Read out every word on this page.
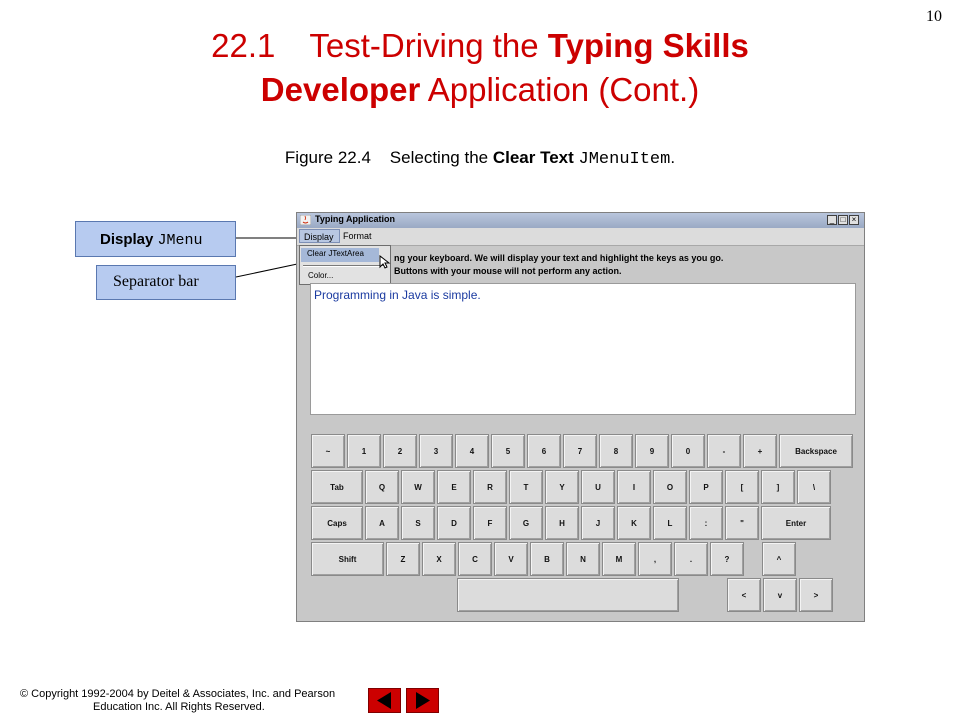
10
22.1 Test-Driving the Typing Skills
Developer Application (Cont.)
Figure 22.4    Selecting the Clear Text JMenuItem.
Display JMenu
Separator bar
Typing Application	_ □ ×
Display	Format
ng your keyboard. We will display your text and highlight the keys as you go.
Buttons with your mouse will not perform any action.
Clear JTextArea
Color...
Programming in Java is simple.
~	1	2	3	4	5	6	7	8	9	0	-	+	Backspace
Tab	Q	W	E	R	T	Y	U	I	O	P	[	]	\
Caps	A	S	D	F	G	H	J	K	L	:	"	Enter
Shift	Z	X	C	V	B	N	M	,	.	?	^
<	v	>
© Copyright 1992-2004 by Deitel & Associates, Inc. and Pearson
Education Inc. All Rights Reserved.
